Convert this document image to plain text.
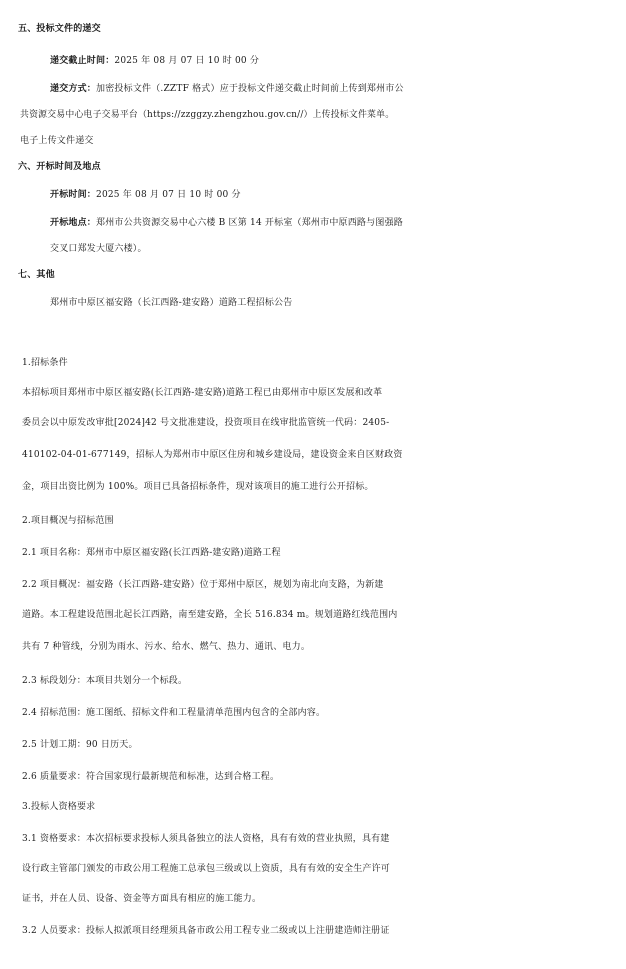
五、投标文件的递交
递交截止时间：2025 年 08 月 07 日 10 时 00 分
递交方式：加密投标文件（.ZZTF 格式）应于投标文件递交截止时间前上传到郑州市公
共资源交易中心电子交易平台（https://zzggzy.zhengzhou.gov.cn//）上传投标文件菜单。
电子上传文件递交
六、开标时间及地点
开标时间：2025 年 08 月 07 日 10 时 00 分
开标地点：郑州市公共资源交易中心六楼 B 区第 14 开标室（郑州市中原西路与图强路
交叉口郑发大厦六楼）。
七、其他
郑州市中原区福安路（长江西路-建安路）道路工程招标公告
1.招标条件
本招标项目郑州市中原区福安路(长江西路-建安路)道路工程已由郑州市中原区发展和改革
委员会以中原发改审批[2024]42 号文批准建设，投资项目在线审批监管统一代码：2405-
410102-04-01-677149，招标人为郑州市中原区住房和城乡建设局，建设资金来自区财政资
金，项目出资比例为 100%。项目已具备招标条件，现对该项目的施工进行公开招标。
2.项目概况与招标范围
2.1 项目名称：郑州市中原区福安路(长江西路-建安路)道路工程
2.2 项目概况：福安路（长江西路-建安路）位于郑州中原区，规划为南北向支路，为新建
道路。本工程建设范围北起长江西路，南至建安路，全长 516.834 m。规划道路红线范围内
共有 7 种管线，分别为雨水、污水、给水、燃气、热力、通讯、电力。
2.3 标段划分：本项目共划分一个标段。
2.4 招标范围：施工图纸、招标文件和工程量清单范围内包含的全部内容。
2.5 计划工期：90 日历天。
2.6 质量要求：符合国家现行最新规范和标准，达到合格工程。
3.投标人资格要求
3.1 资格要求：本次招标要求投标人须具备独立的法人资格，具有有效的营业执照，具有建
设行政主管部门颁发的市政公用工程施工总承包三级或以上资质，具有有效的安全生产许可
证书，并在人员、设备、资金等方面具有相应的施工能力。
3.2 人员要求：投标人拟派项目经理须具备市政公用工程专业二级或以上注册建造师注册证
